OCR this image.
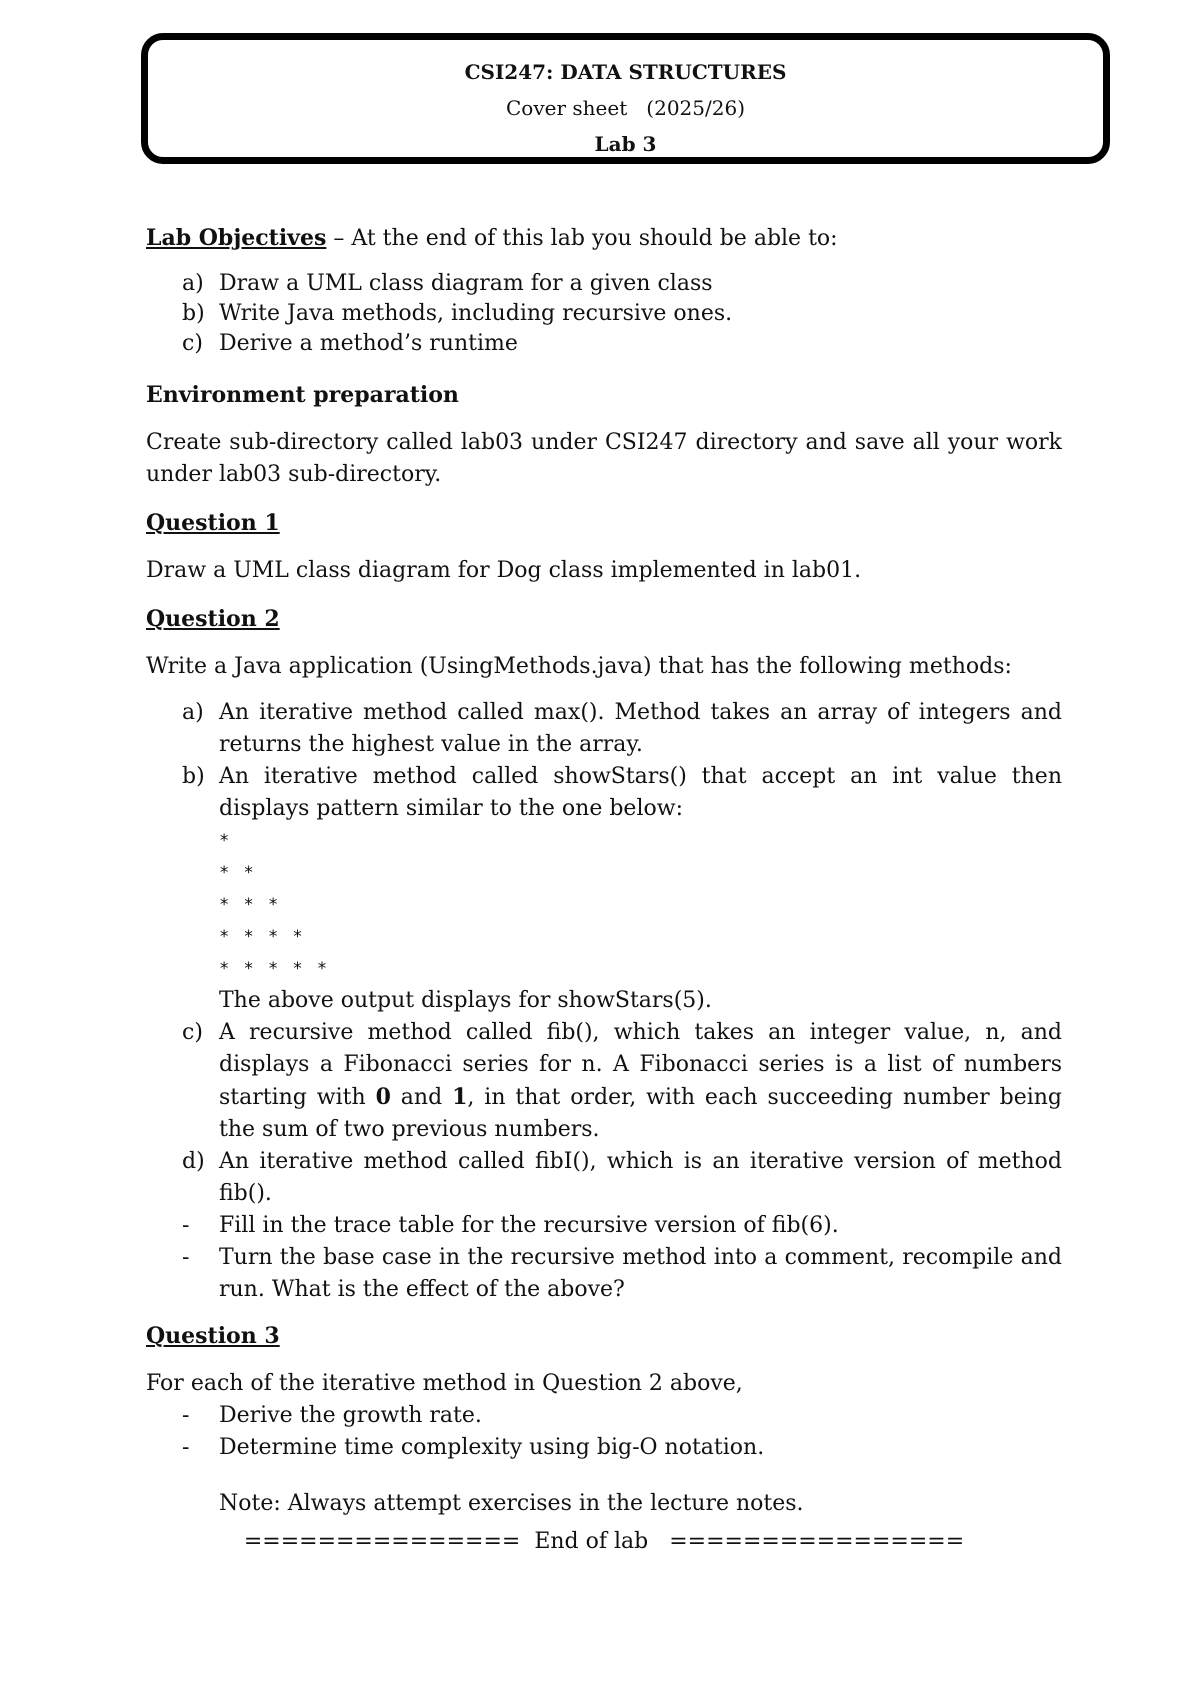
CSI247: DATA STRUCTURES
Cover sheet   (2025/26)
Lab 3

Lab Objectives – At the end of this lab you should be able to:

a) Draw a UML class diagram for a given class
b) Write Java methods, including recursive ones.
c) Derive a method’s runtime

Environment preparation

Create sub-directory called lab03 under CSI247 directory and save all your work under lab03 sub-directory.

Question 1

Draw a UML class diagram for Dog class implemented in lab01.

Question 2

Write a Java application (UsingMethods.java) that has the following methods:

a) An iterative method called max(). Method takes an array of integers and returns the highest value in the array.
b) An iterative method called showStars() that accept an int value then displays pattern similar to the one below:
*
* *
* * *
* * * *
* * * * *
The above output displays for showStars(5).
c) A recursive method called fib(), which takes an integer value, n, and displays a Fibonacci series for n. A Fibonacci series is a list of numbers starting with 0 and 1, in that order, with each succeeding number being the sum of two previous numbers.
d) An iterative method called fibI(), which is an iterative version of method fib().
- Fill in the trace table for the recursive version of fib(6).
- Turn the base case in the recursive method into a comment, recompile and run. What is the effect of the above?

Question 3

For each of the iterative method in Question 2 above,

- Derive the growth rate.
- Determine time complexity using big-O notation.

Note: Always attempt exercises in the lecture notes.

===============  End of lab   ================
